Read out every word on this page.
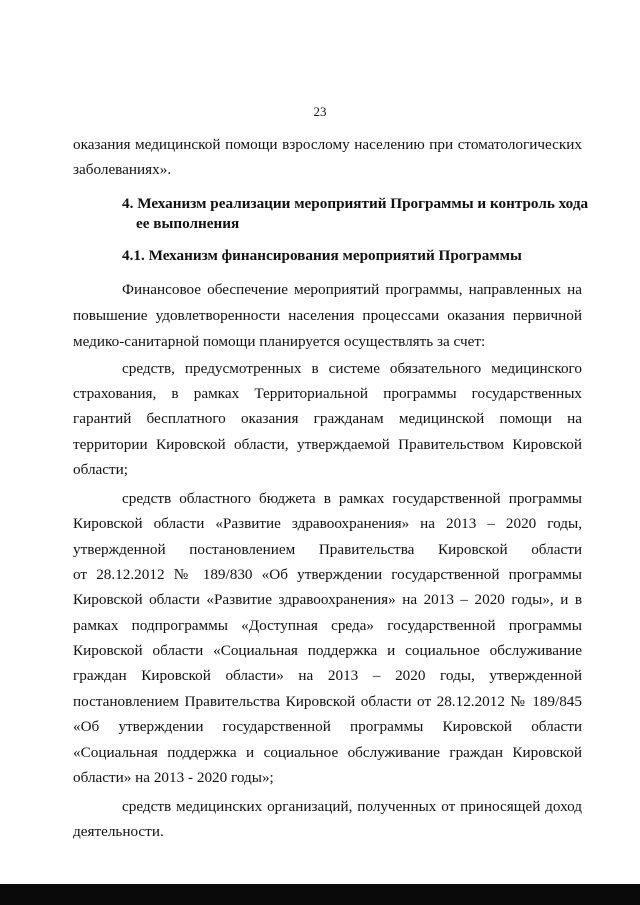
23
оказания медицинской помощи взрослому населению при стоматологических
заболеваниях».
4. Механизм реализации мероприятий Программы и контроль хода
ее выполнения
4.1. Механизм финансирования мероприятий Программы
Финансовое обеспечение мероприятий программы, направленных на
повышение удовлетворенности населения процессами оказания первичной
медико-санитарной помощи планируется осуществлять за счет:
средств, предусмотренных в системе обязательного медицинского
страхования, в рамках Территориальной программы государственных
гарантий бесплатного оказания гражданам медицинской помощи на
территории Кировской области, утверждаемой Правительством Кировской
области;
средств областного бюджета в рамках государственной программы
Кировской области «Развитие здравоохранения» на 2013 – 2020 годы,
утвержденной постановлением Правительства Кировской области
от 28.12.2012 № 189/830 «Об утверждении государственной программы
Кировской области «Развитие здравоохранения» на 2013 – 2020 годы», и в
рамках подпрограммы «Доступная среда» государственной программы
Кировской области «Социальная поддержка и социальное обслуживание
граждан Кировской области» на 2013 – 2020 годы, утвержденной
постановлением Правительства Кировской области от 28.12.2012 № 189/845
«Об утверждении государственной программы Кировской области
«Социальная поддержка и социальное обслуживание граждан Кировской
области» на 2013 - 2020 годы»;
средств медицинских организаций, полученных от приносящей доход
деятельности.
